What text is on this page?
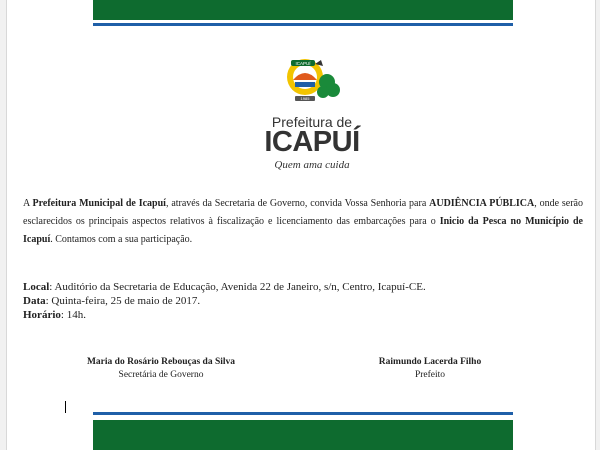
ICAPUÍ
1985
Prefeitura de
ICAPUÍ
Quem ama cuida
A Prefeitura Municipal de Icapuí, através da Secretaria de Governo, convida Vossa Senhoria para AUDIÊNCIA PÚBLICA, onde serão esclarecidos os principais aspectos relativos à fiscalização e licenciamento das embarcações para o Inicio da Pesca no Município de Icapuí. Contamos com a sua participação.
Local: Auditório da Secretaria de Educação, Avenida 22 de Janeiro, s/n, Centro, Icapuí-CE.
Data: Quinta-feira, 25 de maio de 2017.
Horário: 14h.
Maria do Rosário Rebouças da Silva
Secretária de Governo
Raimundo Lacerda Filho
Prefeito
